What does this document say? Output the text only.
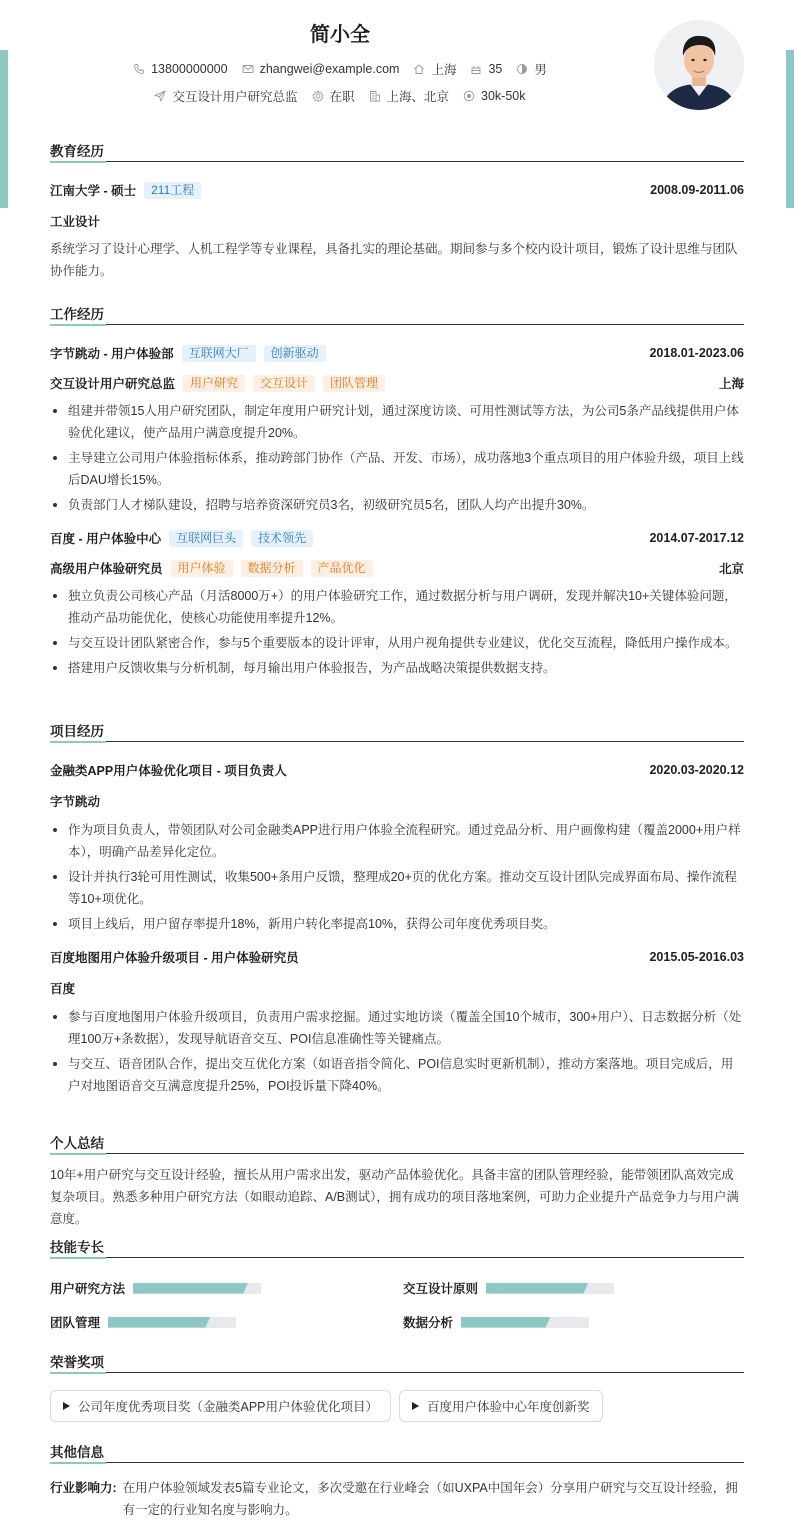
简小全
13800000000	zhangwei@example.com	上海	35	男
交互设计用户研究总监	在职	上海、北京	30k-50k
教育经历
江南大学 - 硕士	211工程	2008.09-2011.06
工业设计
系统学习了设计心理学、人机工程学等专业课程，具备扎实的理论基础。期间参与多个校内设计项目，锻炼了设计思维与团队协作能力。
工作经历
字节跳动 - 用户体验部	互联网大厂	创新驱动	2018.01-2023.06
交互设计用户研究总监	用户研究	交互设计	团队管理	上海
组建并带领15人用户研究团队，制定年度用户研究计划，通过深度访谈、可用性测试等方法，为公司5条产品线提供用户体验优化建议，使产品用户满意度提升20%。
主导建立公司用户体验指标体系，推动跨部门协作（产品、开发、市场），成功落地3个重点项目的用户体验升级，项目上线后DAU增长15%。
负责部门人才梯队建设，招聘与培养资深研究员3名，初级研究员5名，团队人均产出提升30%。
百度 - 用户体验中心	互联网巨头	技术领先	2014.07-2017.12
高级用户体验研究员	用户体验	数据分析	产品优化	北京
独立负责公司核心产品（月活8000万+）的用户体验研究工作，通过数据分析与用户调研，发现并解决10+关键体验问题，推动产品功能优化，使核心功能使用率提升12%。
与交互设计团队紧密合作，参与5个重要版本的设计评审，从用户视角提供专业建议，优化交互流程，降低用户操作成本。
搭建用户反馈收集与分析机制，每月输出用户体验报告，为产品战略决策提供数据支持。
项目经历
金融类APP用户体验优化项目 - 项目负责人	2020.03-2020.12
字节跳动
作为项目负责人，带领团队对公司金融类APP进行用户体验全流程研究。通过竞品分析、用户画像构建（覆盖2000+用户样本），明确产品差异化定位。
设计并执行3轮可用性测试，收集500+条用户反馈，整理成20+页的优化方案。推动交互设计团队完成界面布局、操作流程等10+项优化。
项目上线后，用户留存率提升18%，新用户转化率提高10%，获得公司年度优秀项目奖。
百度地图用户体验升级项目 - 用户体验研究员	2015.05-2016.03
百度
参与百度地图用户体验升级项目，负责用户需求挖掘。通过实地访谈（覆盖全国10个城市，300+用户）、日志数据分析（处理100万+条数据），发现导航语音交互、POI信息准确性等关键痛点。
与交互、语音团队合作，提出交互优化方案（如语音指令简化、POI信息实时更新机制），推动方案落地。项目完成后，用户对地图语音交互满意度提升25%，POI投诉量下降40%。
个人总结
10年+用户研究与交互设计经验，擅长从用户需求出发，驱动产品体验优化。具备丰富的团队管理经验，能带领团队高效完成复杂项目。熟悉多种用户研究方法（如眼动追踪、A/B测试），拥有成功的项目落地案例，可助力企业提升产品竞争力与用户满意度。
技能专长
用户研究方法	交互设计原则
团队管理	数据分析
荣誉奖项
公司年度优秀项目奖（金融类APP用户体验优化项目）	百度用户体验中心年度创新奖
其他信息
行业影响力: 在用户体验领域发表5篇专业论文，多次受邀在行业峰会（如UXPA中国年会）分享用户研究与交互设计经验，拥有一定的行业知名度与影响力。
